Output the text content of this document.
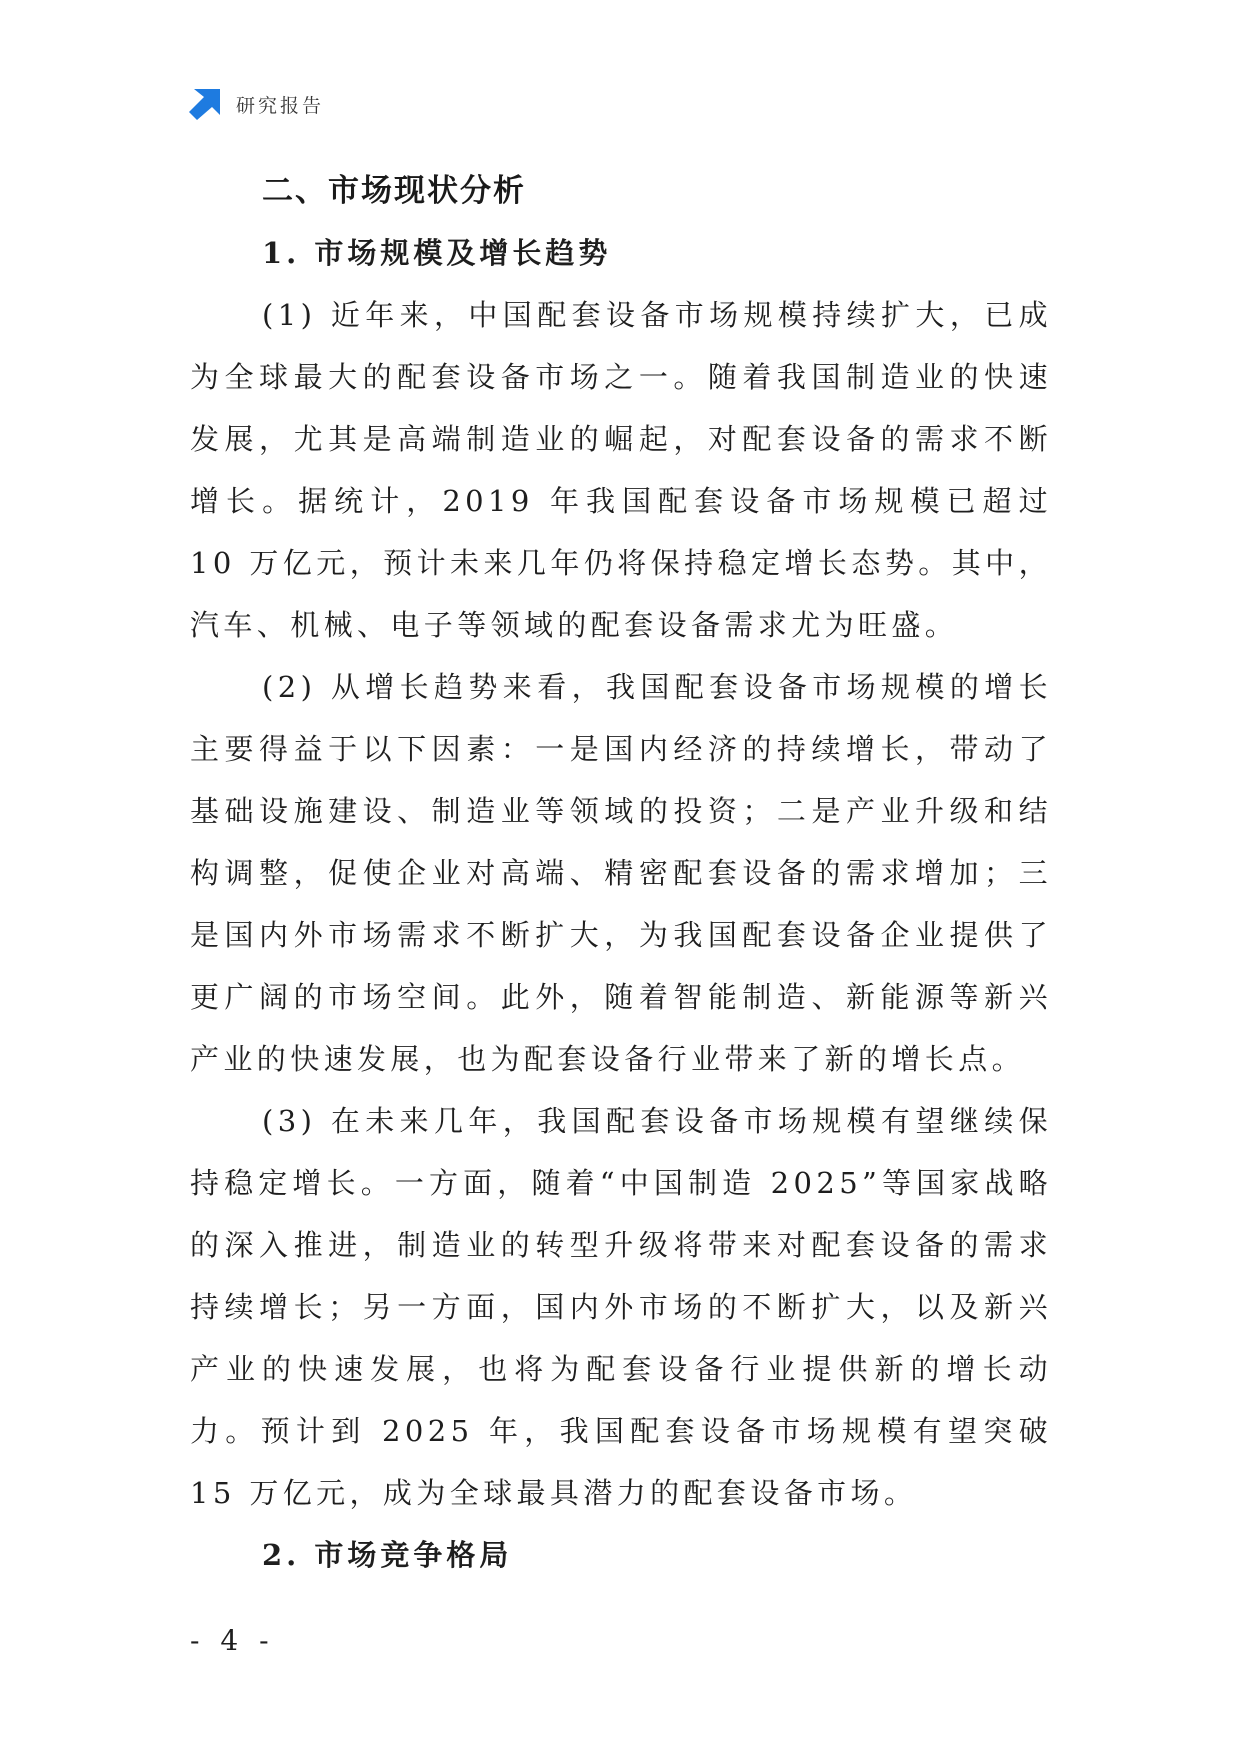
研究报告
二、市场现状分析
1. 市场规模及增长趋势

(1) 近年来，中国配套设备市场规模持续扩大，已成为全球最大的配套设备市场之一。随着我国制造业的快速发展，尤其是高端制造业的崛起，对配套设备的需求不断增长。据统计，2019 年我国配套设备市场规模已超过 10 万亿元，预计未来几年仍将保持稳定增长态势。其中，汽车、机械、电子等领域的配套设备需求尤为旺盛。

(2) 从增长趋势来看，我国配套设备市场规模的增长主要得益于以下因素：一是国内经济的持续增长，带动了基础设施建设、制造业等领域的投资；二是产业升级和结构调整，促使企业对高端、精密配套设备的需求增加；三是国内外市场需求不断扩大，为我国配套设备企业提供了更广阔的市场空间。此外，随着智能制造、新能源等新兴产业的快速发展，也为配套设备行业带来了新的增长点。

(3) 在未来几年，我国配套设备市场规模有望继续保持稳定增长。一方面，随着“中国制造 2025”等国家战略的深入推进，制造业的转型升级将带来对配套设备的需求持续增长；另一方面，国内外市场的不断扩大，以及新兴产业的快速发展，也将为配套设备行业提供新的增长动力。预计到 2025 年，我国配套设备市场规模有望突破 15 万亿元，成为全球最具潜力的配套设备市场。

2. 市场竞争格局
- 4 -
